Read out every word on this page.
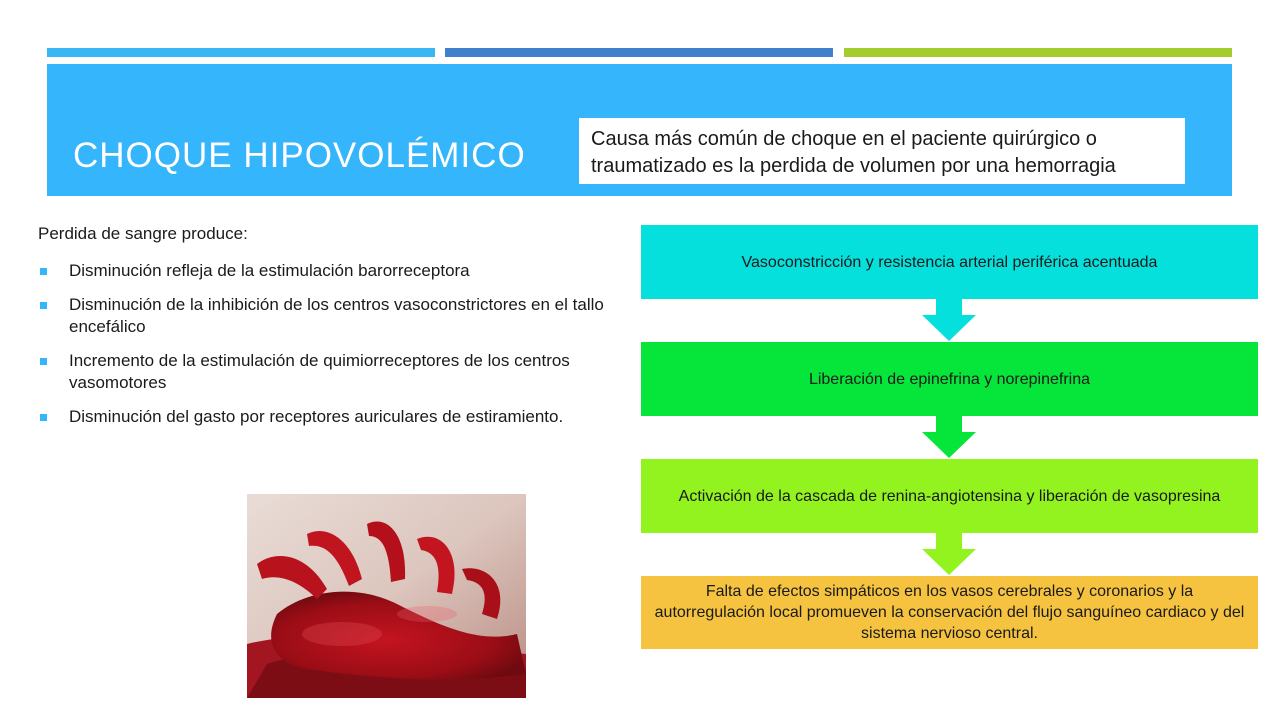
CHOQUE HIPOVOLÉMICO	Causa más común de choque en el paciente quirúrgico o traumatizado es la perdida de volumen por una hemorragia
Perdida de sangre produce:
Disminución refleja de la estimulación barorreceptora
Disminución de la inhibición de los centros vasoconstrictores en el tallo encefálico
Incremento de la estimulación de quimiorreceptores de los centros vasomotores
Disminución del gasto por receptores auriculares de estiramiento.
Vasoconstricción y resistencia arterial periférica acentuada
Liberación de epinefrina y norepinefrina
Activación de la cascada de renina-angiotensina y liberación de vasopresina
Falta de efectos simpáticos en los vasos cerebrales y coronarios y la autorregulación local promueven la conservación del flujo sanguíneo cardiaco y del sistema nervioso central.
